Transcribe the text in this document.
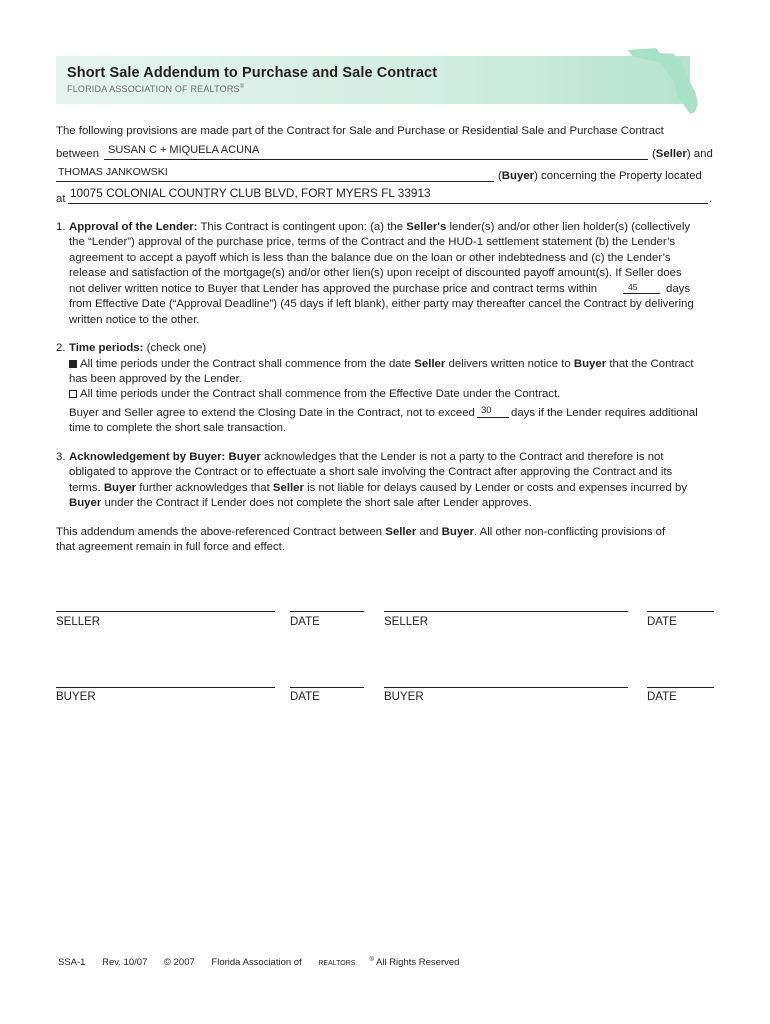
Short Sale Addendum to Purchase and Sale Contract
FLORIDA ASSOCIATION OF REALTORS®
The following provisions are made part of the Contract for Sale and Purchase or Residential Sale and Purchase Contract
between SUSAN C + MIQUELA ACUNA	(Seller) and
THOMAS JANKOWSKI	(Buyer) concerning the Property located
at 10075 COLONIAL COUNTRY CLUB BLVD, FORT MYERS FL 33913	.
1. Approval of the Lender: This Contract is contingent upon: (a) the Seller's lender(s) and/or other lien holder(s) (collectively
the “Lender”) approval of the purchase price, terms of the Contract and the HUD-1 settlement statement (b) the Lender’s
agreement to accept a payoff which is less than the balance due on the loan or other indebtedness and (c) the Lender’s
release and satisfaction of the mortgage(s) and/or other lien(s) upon receipt of discounted payoff amount(s). If Seller does
not deliver written notice to Buyer that Lender has approved the purchase price and contract terms within	45	days
from Effective Date (“Approval Deadline”) (45 days if left blank), either party may thereafter cancel the Contract by delivering
written notice to the other.
2. Time periods: (check one)
All time periods under the Contract shall commence from the date Seller delivers written notice to Buyer that the Contract
has been approved by the Lender.
All time periods under the Contract shall commence from the Effective Date under the Contract.
Buyer and Seller agree to extend the Closing Date in the Contract, not to exceed 30 days if the Lender requires additional
time to complete the short sale transaction.
3. Acknowledgement by Buyer: Buyer acknowledges that the Lender is not a party to the Contract and therefore is not
obligated to approve the Contract or to effectuate a short sale involving the Contract after approving the Contract and its
terms. Buyer further acknowledges that Seller is not liable for delays caused by Lender or costs and expenses incurred by
Buyer under the Contract if Lender does not complete the short sale after Lender approves.
This addendum amends the above-referenced Contract between Seller and Buyer. All other non-conflicting provisions of
that agreement remain in full force and effect.
SELLER	DATE	SELLER	DATE
BUYER	DATE	BUYER	DATE
SSA-1 Rev. 10/07 © 2007 Florida Association of REALTORS® All Rights Reserved
